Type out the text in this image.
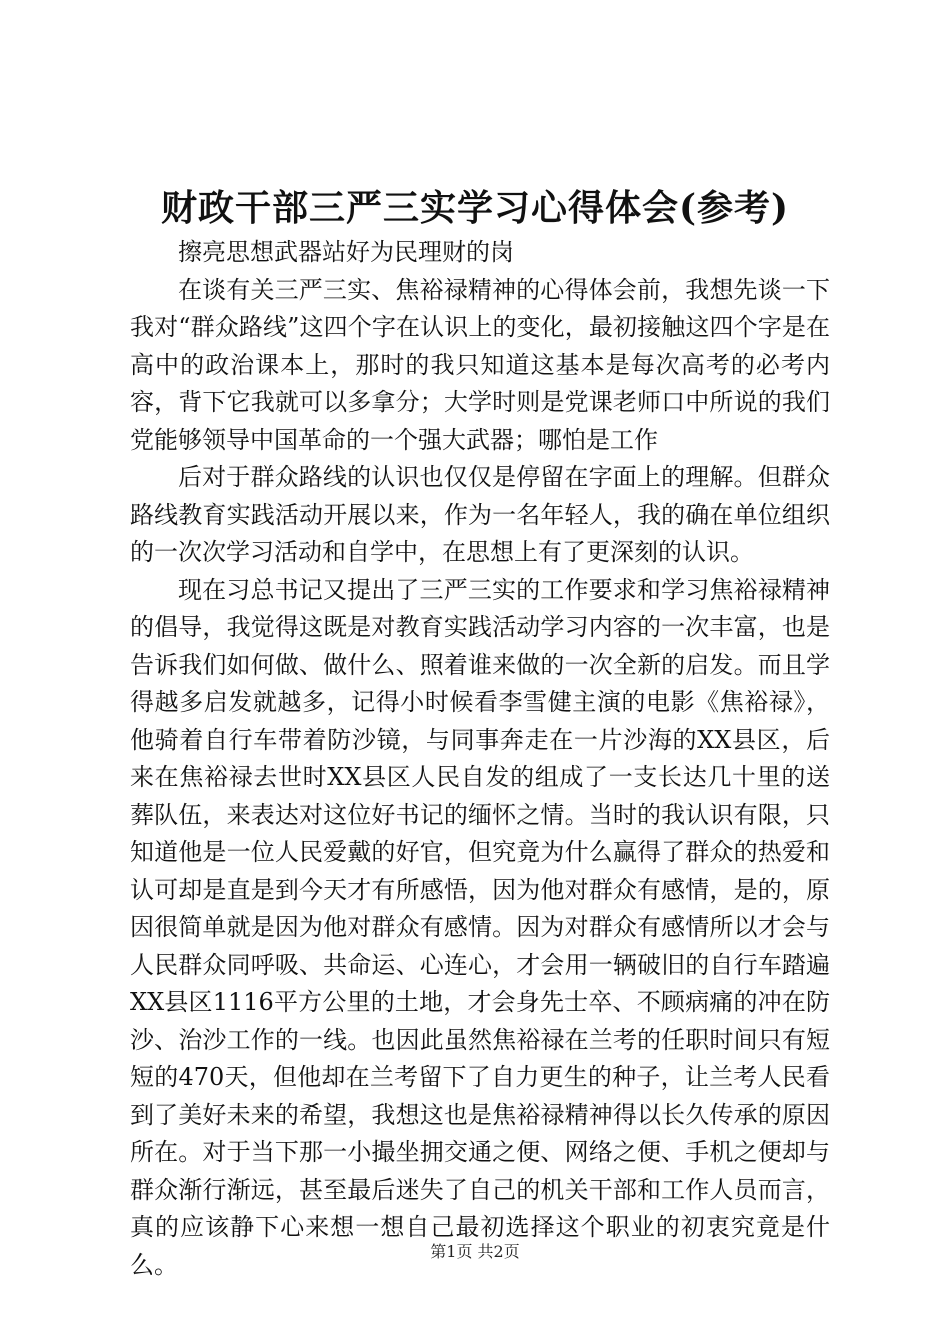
财政干部三严三实学习心得体会(参考)

擦亮思想武器站好为民理财的岗

在谈有关三严三实、焦裕禄精神的心得体会前，我想先谈一下我对“群众路线”这四个字在认识上的变化，最初接触这四个字是在高中的政治课本上，那时的我只知道这基本是每次高考的必考内容，背下它我就可以多拿分；大学时则是党课老师口中所说的我们党能够领导中国革命的一个强大武器；哪怕是工作

后对于群众路线的认识也仅仅是停留在字面上的理解。但群众路线教育实践活动开展以来，作为一名年轻人，我的确在单位组织的一次次学习活动和自学中，在思想上有了更深刻的认识。

现在习总书记又提出了三严三实的工作要求和学习焦裕禄精神的倡导，我觉得这既是对教育实践活动学习内容的一次丰富，也是告诉我们如何做、做什么、照着谁来做的一次全新的启发。而且学得越多启发就越多，记得小时候看李雪健主演的电影《焦裕禄》，他骑着自行车带着防沙镜，与同事奔走在一片沙海的XX县区，后来在焦裕禄去世时XX县区人民自发的组成了一支长达几十里的送葬队伍，来表达对这位好书记的缅怀之情。当时的我认识有限，只知道他是一位人民爱戴的好官，但究竟为什么赢得了群众的热爱和认可却是直是到今天才有所感悟，因为他对群众有感情，是的，原因很简单就是因为他对群众有感情。因为对群众有感情所以才会与人民群众同呼吸、共命运、心连心，才会用一辆破旧的自行车踏遍XX县区1116平方公里的土地，才会身先士卒、不顾病痛的冲在防沙、治沙工作的一线。也因此虽然焦裕禄在兰考的任职时间只有短短的470天，但他却在兰考留下了自力更生的种子，让兰考人民看到了美好未来的希望，我想这也是焦裕禄精神得以长久传承的原因所在。对于当下那一小撮坐拥交通之便、网络之便、手机之便却与群众渐行渐远，甚至最后迷失了自己的机关干部和工作人员而言，真的应该静下心来想一想自己最初选择这个职业的初衷究竟是什么。	第1页 共2页
